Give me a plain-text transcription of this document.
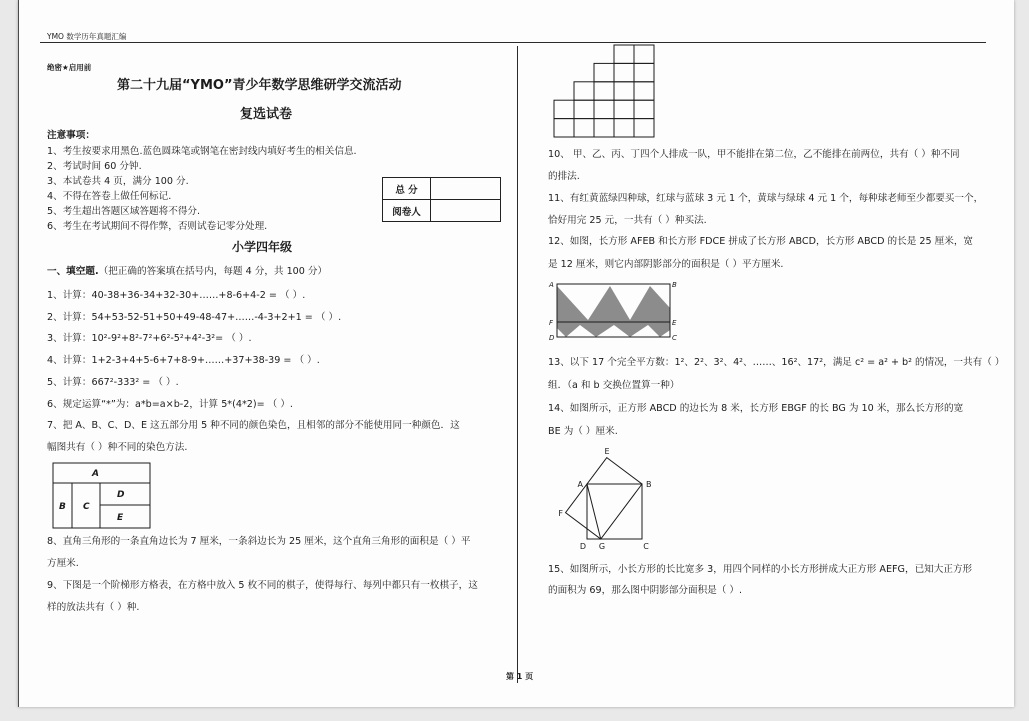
YMO 数学历年真题汇编
绝密★启用前
第二十九届“YMO”青少年数学思维研学交流活动
复选试卷
注意事项：
1、考生按要求用黑色.蓝色圆珠笔或钢笔在密封线内填好考生的相关信息.
2、考试时间 60 分钟.
3、本试卷共 4 页，满分 100 分.
4、不得在答卷上做任何标记.
5、考生超出答题区域答题将不得分.
6、考生在考试期间不得作弊，否则试卷记零分处理.
总 分	
阅卷人	
小学四年级
一、填空题.（把正确的答案填在括号内，每题 4 分，共 100 分）
1、计算：40-38+36-34+32-30+……+8-6+4-2 = （ ）.
2、计算：54+53-52-51+50+49-48-47+……-4-3+2+1 = （ ）.
3、计算：10²-9²+8²-7²+6²-5²+4²-3²= （ ）.
4、计算：1+2-3+4+5-6+7+8-9+……+37+38-39 = （ ）.
5、计算：667²-333² = （ ）.
6、规定运算“*”为：a*b=a×b-2，计算 5*(4*2)= （ ）.
7、把 A、B、C、D、E 这五部分用 5 种不同的颜色染色，且相邻的部分不能使用同一种颜色．这
幅图共有（ ）种不同的染色方法.
A
B C
D
E
8、直角三角形的一条直角边长为 7 厘米，一条斜边长为 25 厘米，这个直角三角形的面积是（ ）平
方厘米.
9、下图是一个阶梯形方格表，在方格中放入 5 枚不同的棋子，使得每行、每列中都只有一枚棋子，这
样的放法共有（ ）种.
10、 甲、乙、丙、丁四个人排成一队，甲不能排在第二位，乙不能排在前两位，共有（ ）种不同
的排法.
11、有红黄蓝绿四种球，红球与蓝球 3 元 1 个，黄球与绿球 4 元 1 个，每种球老师至少都要买一个，
恰好用完 25 元，一共有（ ）种买法.
12、如图，长方形 AFEB 和长方形 FDCE 拼成了长方形 ABCD，长方形 ABCD 的长是 25 厘米，宽
是 12 厘米，则它内部阴影部分的面积是（ ）平方厘米.
A	B
F	E
D	C
13、以下 17 个完全平方数：1²、2²、3²、4²、……、16²、17²，满足 c² = a² + b² 的情况，一共有（ ）
组．（a 和 b 交换位置算一种）
14、如图所示，正方形 ABCD 的边长为 8 米，长方形 EBGF 的长 BG 为 10 米，那么长方形的宽
BE 为（ ）厘米.
E
A	B
F
D G	C
15、如图所示，小长方形的长比宽多 3，用四个同样的小长方形拼成大正方形 AEFG，已知大正方形
的面积为 69，那么图中阴影部分面积是（ ）.
第 1 页
